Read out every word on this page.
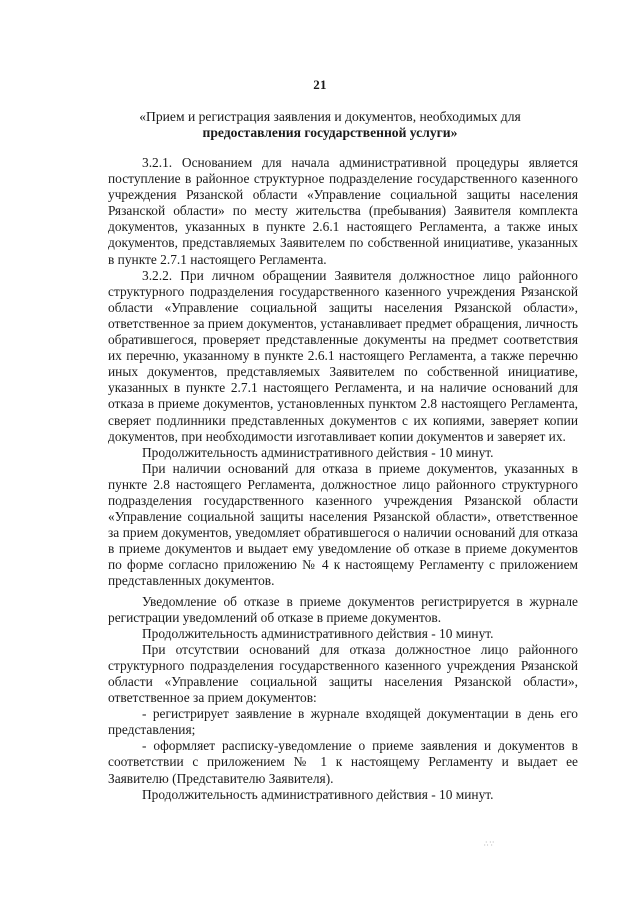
21
«Прием и регистрация заявления и документов, необходимых для
предоставления государственной услуги»

3.2.1. Основанием для начала административной процедуры является поступление в районное структурное подразделение государственного казенного учреждения Рязанской области «Управление социальной защиты населения Рязанской области» по месту жительства (пребывания) Заявителя комплекта документов, указанных в пункте 2.6.1 настоящего Регламента, а также иных документов, представляемых Заявителем по собственной инициативе, указанных в пункте 2.7.1 настоящего Регламента.

3.2.2. При личном обращении Заявителя должностное лицо районного структурного подразделения государственного казенного учреждения Рязанской области «Управление социальной защиты населения Рязанской области», ответственное за прием документов, устанавливает предмет обращения, личность обратившегося, проверяет представленные документы на предмет соответствия их перечню, указанному в пункте 2.6.1 настоящего Регламента, а также перечню иных документов, представляемых Заявителем по собственной инициативе, указанных в пункте 2.7.1 настоящего Регламента, и на наличие оснований для отказа в приеме документов, установленных пунктом 2.8 настоящего Регламента, сверяет подлинники представленных документов с их копиями, заверяет копии документов, при необходимости изготавливает копии документов и заверяет их.

Продолжительность административного действия - 10 минут.

При наличии оснований для отказа в приеме документов, указанных в пункте 2.8 настоящего Регламента, должностное лицо районного структурного подразделения государственного казенного учреждения Рязанской области «Управление социальной защиты населения Рязанской области», ответственное за прием документов, уведомляет обратившегося о наличии оснований для отказа в приеме документов и выдает ему уведомление об отказе в приеме документов по форме согласно приложению № 4 к настоящему Регламенту с приложением представленных документов.

Уведомление об отказе в приеме документов регистрируется в журнале регистрации уведомлений об отказе в приеме документов.

Продолжительность административного действия - 10 минут.

При отсутствии оснований для отказа должностное лицо районного структурного подразделения государственного казенного учреждения Рязанской области «Управление социальной защиты населения Рязанской области», ответственное за прием документов:

- регистрирует заявление в журнале входящей документации в день его представления;

- оформляет расписку-уведомление о приеме заявления и документов в соответствии с приложением № 1 к настоящему Регламенту и выдает ее Заявителю (Представителю Заявителя).

Продолжительность административного действия - 10 минут.

∴∵
